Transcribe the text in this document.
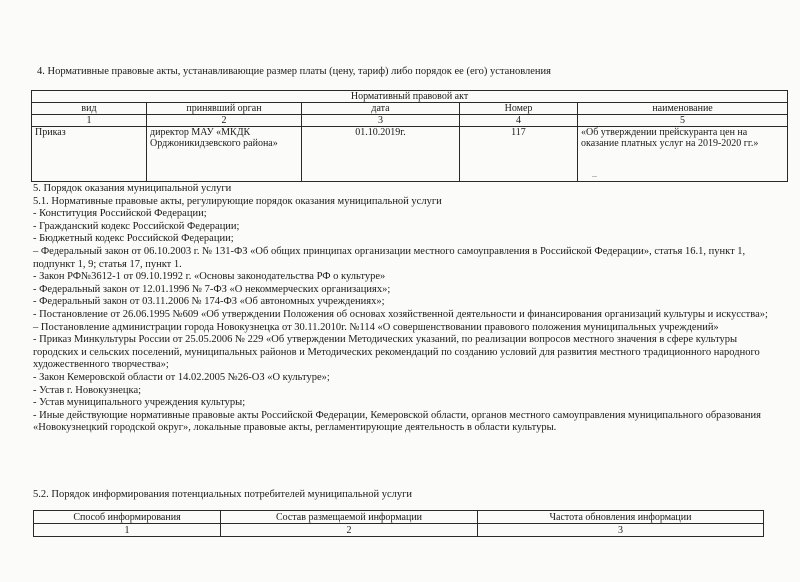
4. Нормативные правовые акты, устанавливающие размер платы (цену, тариф) либо порядок ее (его) установления
Нормативный правовой акт				
вид	принявший орган	дата	Номер	наименование
1	2	3	4	5
Приказ	директор МАУ «МКДК Орджоникидзевского района»	01.10.2019г.	117	«Об утверждении прейскуранта цен на оказание платных услуг на 2019-2020 гг.»

5. Порядок оказания муниципальной услуги

5.1. Нормативные правовые акты, регулирующие порядок оказания муниципальной услуги

- Конституция Российской Федерации;

- Гражданский кодекс Российской Федерации;

- Бюджетный кодекс Российской Федерации;

– Федеральный закон от 06.10.2003 г. № 131-ФЗ «Об общих принципах организации местного самоуправления в Российской Федерации», статья 16.1, пункт 1, подпункт 1, 9; статья 17, пункт 1.

- Закон РФ№3612-1 от 09.10.1992 г. «Основы законодательства РФ о культуре»

- Федеральный закон от 12.01.1996 № 7-ФЗ «О некоммерческих организациях»;

- Федеральный закон от 03.11.2006 № 174-ФЗ «Об автономных учреждениях»;

- Постановление от 26.06.1995 №609 «Об утверждении Положения об основах хозяйственной деятельности и финансирования организаций культуры и искусства»;

– Постановление администрации города Новокузнецка от 30.11.2010г. №114 «О совершенствовании правового положения муниципальных учреждений»

- Приказ Минкультуры России от 25.05.2006 № 229 «Об утверждении Методических указаний, по реализации вопросов местного значения в сфере культуры городских и сельских поселений, муниципальных районов и Методических рекомендаций по созданию условий для развития местного традиционного народного художественного творчества»;

- Закон Кемеровской области от 14.02.2005 №26-ОЗ «О культуре»;

- Устав г. Новокузнецка;

- Устав муниципального учреждения культуры;

- Иные действующие нормативные правовые акты Российской Федерации, Кемеровской области, органов местного самоуправления муниципального образования «Новокузнецкий городской округ», локальные правовые акты, регламентирующие деятельность в области культуры.

5.2. Порядок информирования потенциальных потребителей муниципальной услуги
Способ информирования	Состав размещаемой информации	Частота обновления информации
1	2	3
